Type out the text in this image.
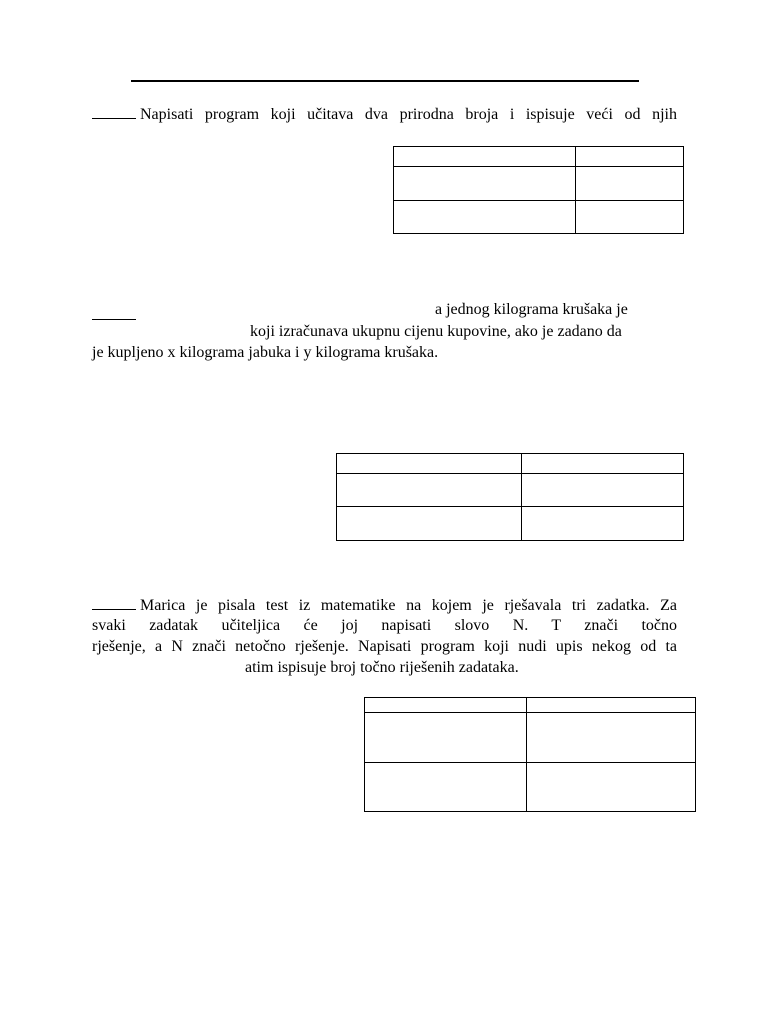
Napisati program koji učitava dva prirodna broja i ispisuje veći od njih

a jednog kilograma krušaka je
koji izračunava ukupnu cijenu kupovine, ako je zadano da
je kupljeno x kilograma jabuka i y kilograma krušaka.

Marica je pisala test iz matematike na kojem je rješavala tri zadatka. Za
svaki zadatak učiteljica će joj napisati slovo N. T znači točno
rješenje, a N znači netočno rješenje. Napisati program koji nudi upis nekog od ta
atim ispisuje broj točno riješenih zadataka.
